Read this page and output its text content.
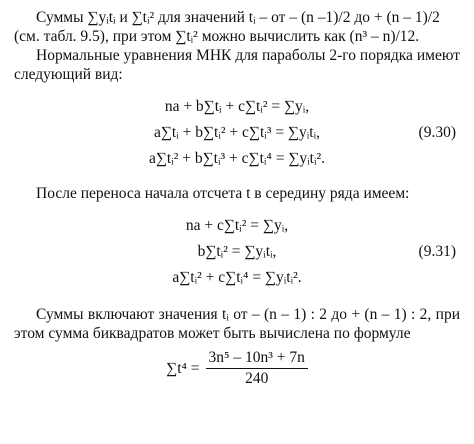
Суммы ∑yᵢtᵢ и ∑tᵢ² для значений tᵢ – от – (n –1)/2 до + (n – 1)/2

(см. табл. 9.5), при этом ∑tᵢ² можно вычислить как (n³ – n)/12.

Нормальные уравнения МНК для параболы 2-го порядка имеют следующий вид:

na + b∑tᵢ + c∑tᵢ² = ∑yᵢ,
a∑tᵢ + b∑tᵢ² + c∑tᵢ³ = ∑yᵢtᵢ,
a∑tᵢ² + b∑tᵢ³ + c∑tᵢ⁴ = ∑yᵢtᵢ².
(9.30)

После переноса начала отсчета t в середину ряда имеем:

na + c∑tᵢ² = ∑yᵢ,
b∑tᵢ² = ∑yᵢtᵢ,
a∑tᵢ² + c∑tᵢ⁴ = ∑yᵢtᵢ².
(9.31)

Суммы включают значения tᵢ от – (n – 1) : 2 до + (n – 1) : 2, при этом сумма биквадратов может быть вычислена по формуле

$\sum t^4 = \frac{\text{3n⁵ – 10n³ + 7n}}{240}$
